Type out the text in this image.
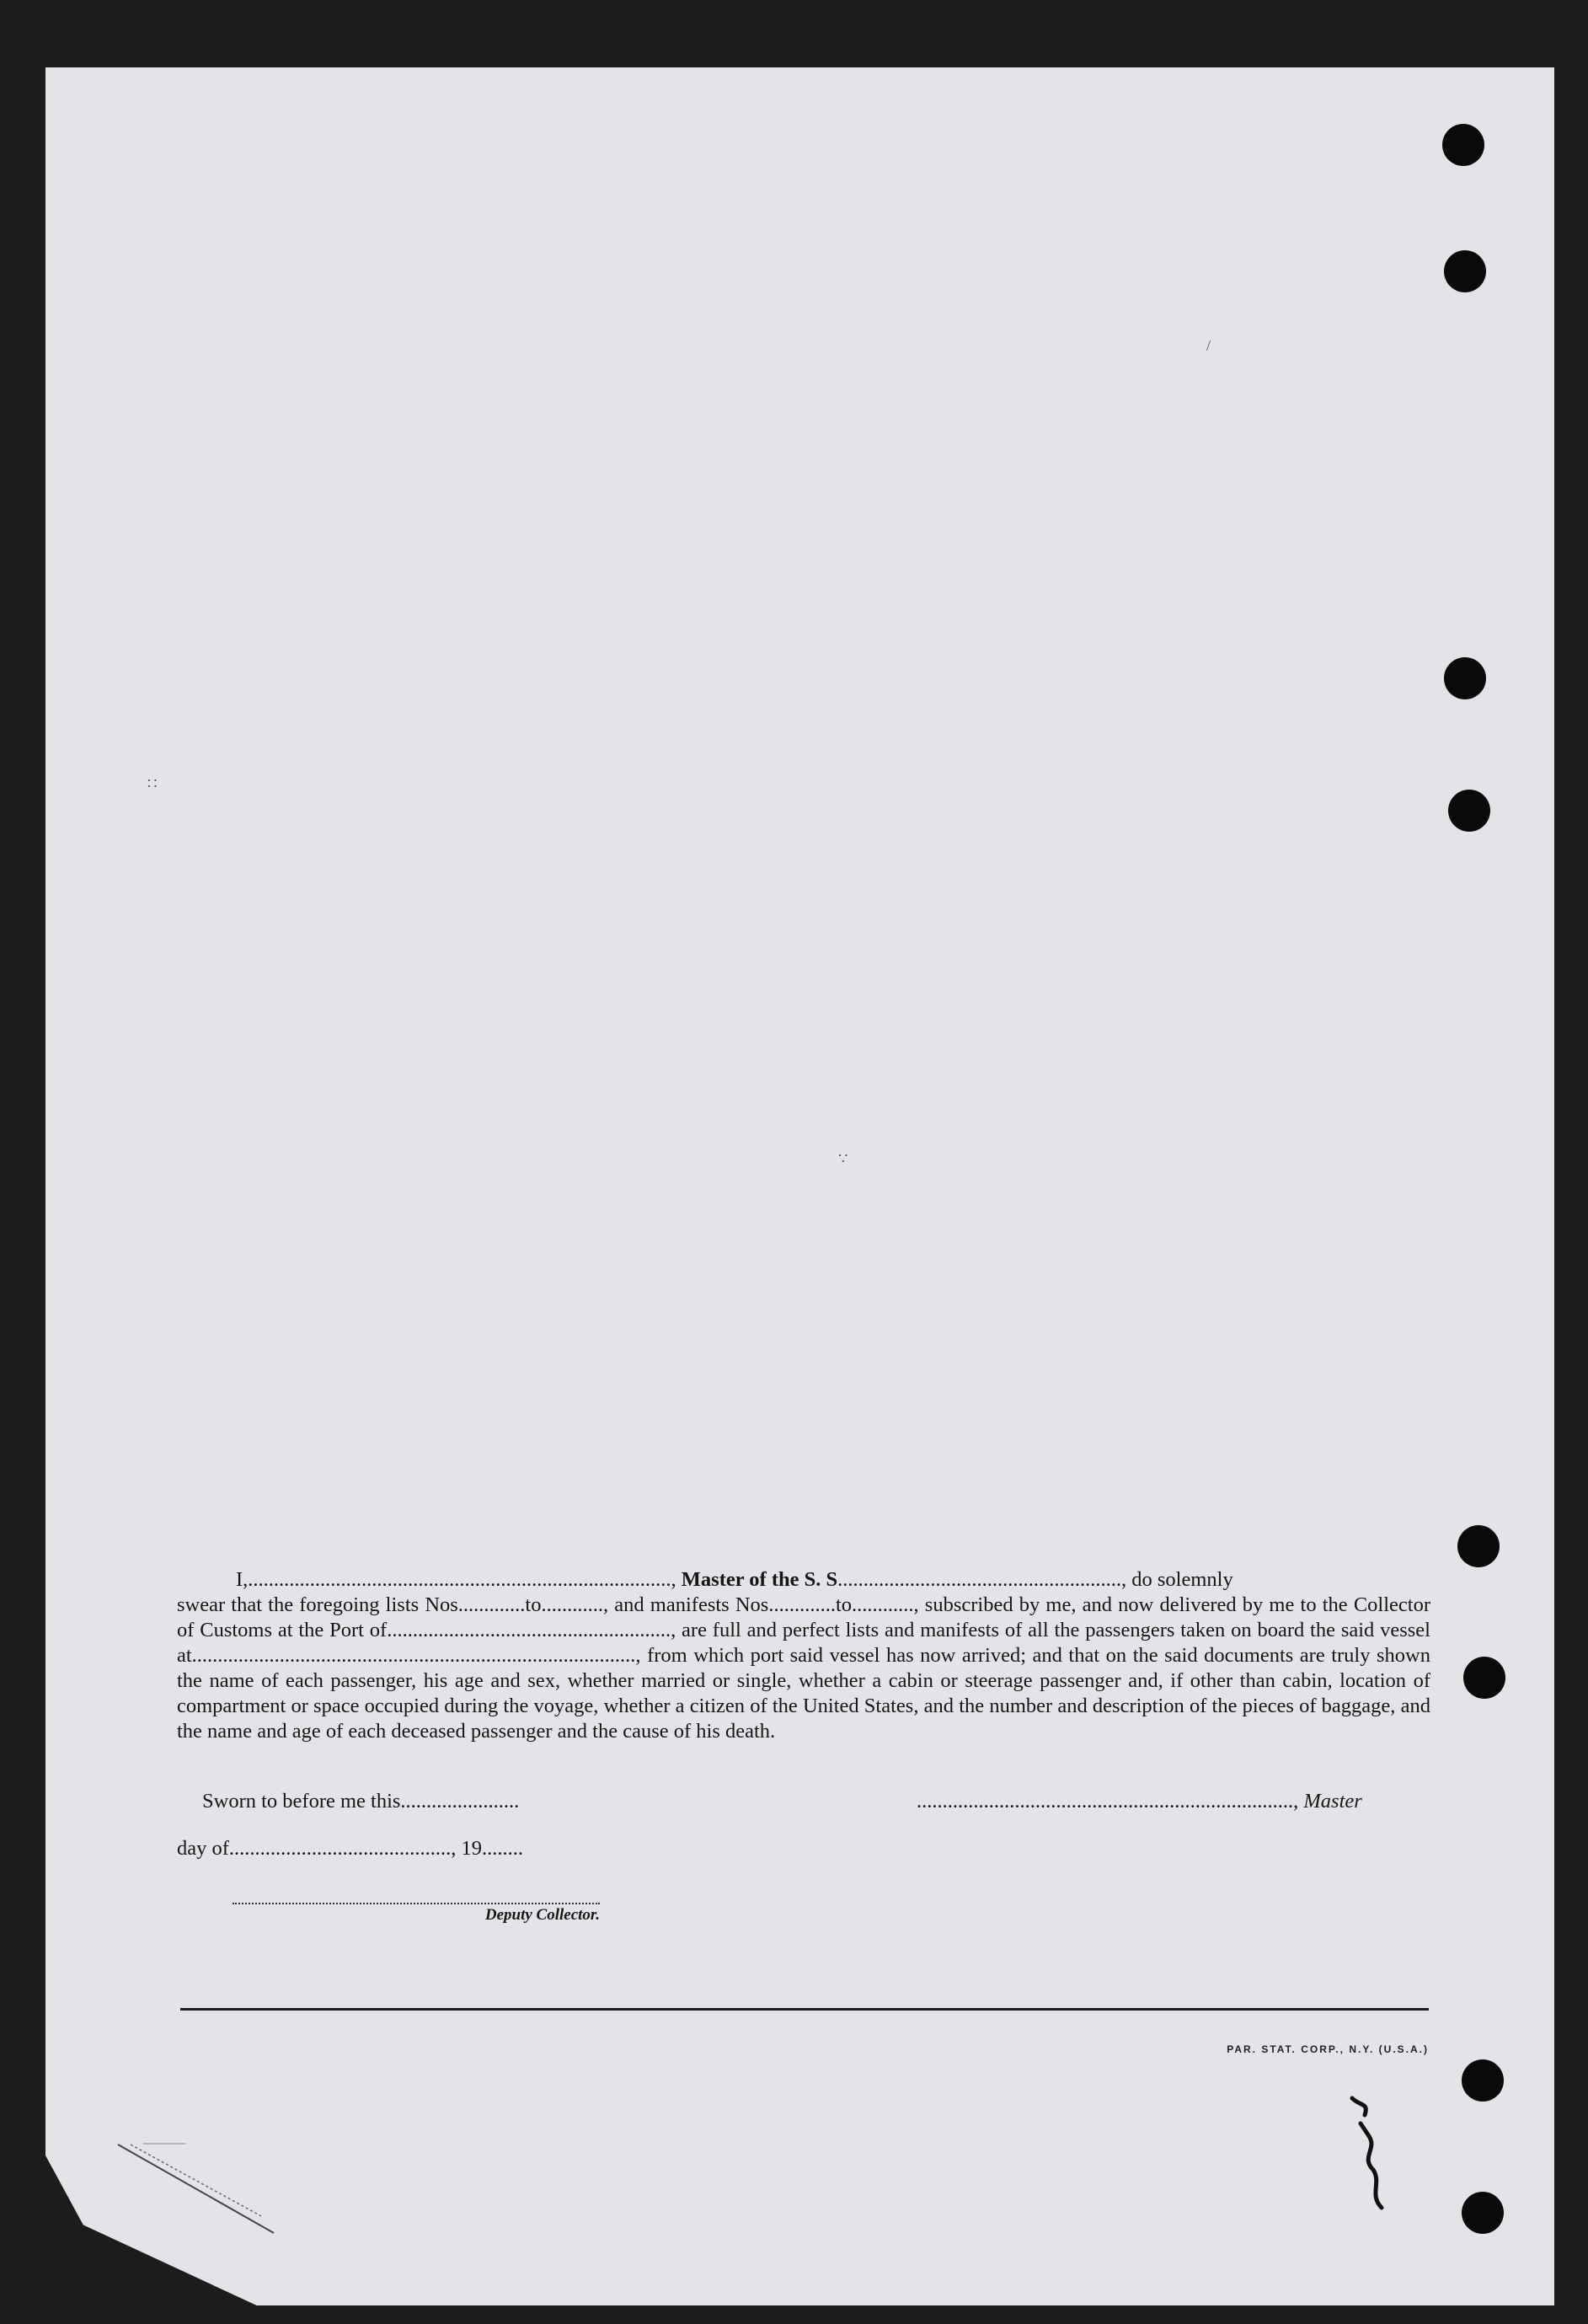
∷
∵
/

I,.................................................................................., Master of the S. S......................................................., do solemnly

swear that the foregoing lists Nos.............to............, and manifests Nos.............to............, subscribed by me, and now delivered by me to the Collector of Customs at the Port of......................................................., are full and perfect lists and manifests of all the passengers taken on board the said vessel at......................................................................................, from which port said vessel has now arrived; and that on the said documents are truly shown the name of each passenger, his age and sex, whether married or single, whether a cabin or steerage passenger and, if other than cabin, location of compartment or space occupied during the voyage, whether a citizen of the United States, and the number and description of the pieces of baggage, and the name and age of each deceased passenger and the cause of his death.
Sworn to before me this.......................	........................................................................., Master
day of..........................................., 19........
Deputy Collector.
PAR. STAT. CORP., N.Y. (U.S.A.)
